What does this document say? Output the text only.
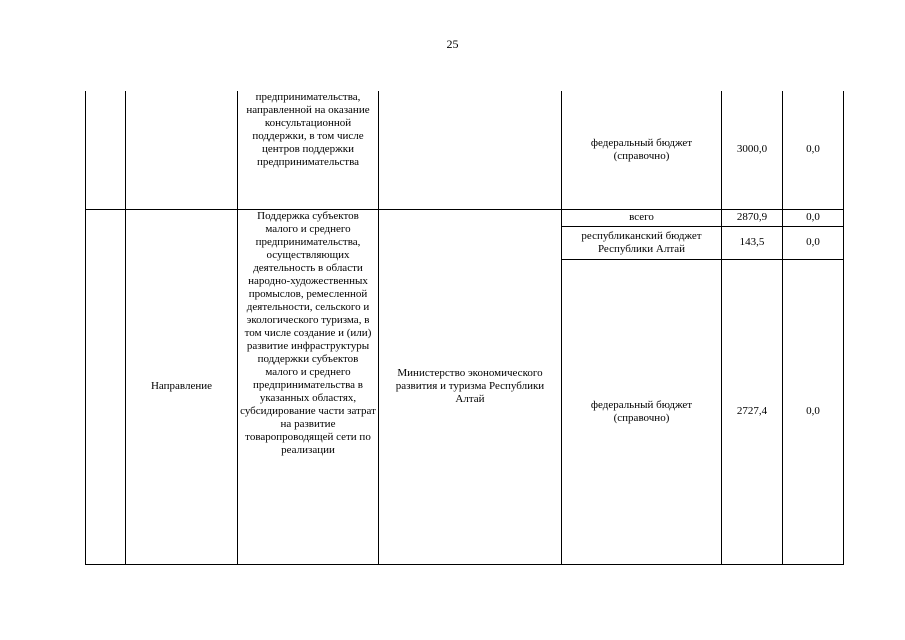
25

		предпринимательства, направленной на оказание консультационной поддержки, в том числе центров поддержки предпринимательства		федеральный бюджет (справочно)	3000,0	0,0

	Направление	Поддержка субъектов малого и среднего предпринимательства, осуществляющих деятельность в области народно-художественных промыслов, ремесленной деятельности, сельского и экологического туризма, в том числе создание и (или) развитие инфраструктуры поддержки субъектов малого и среднего предпринимательства в указанных областях, субсидирование части затрат на развитие товаропроводящей сети по реализации	Министерство экономического развития и туризма Республики Алтай	всего	2870,9	0,0

				республиканский бюджет Республики Алтай	143,5	0,0

				федеральный бюджет (справочно)	2727,4	0,0
